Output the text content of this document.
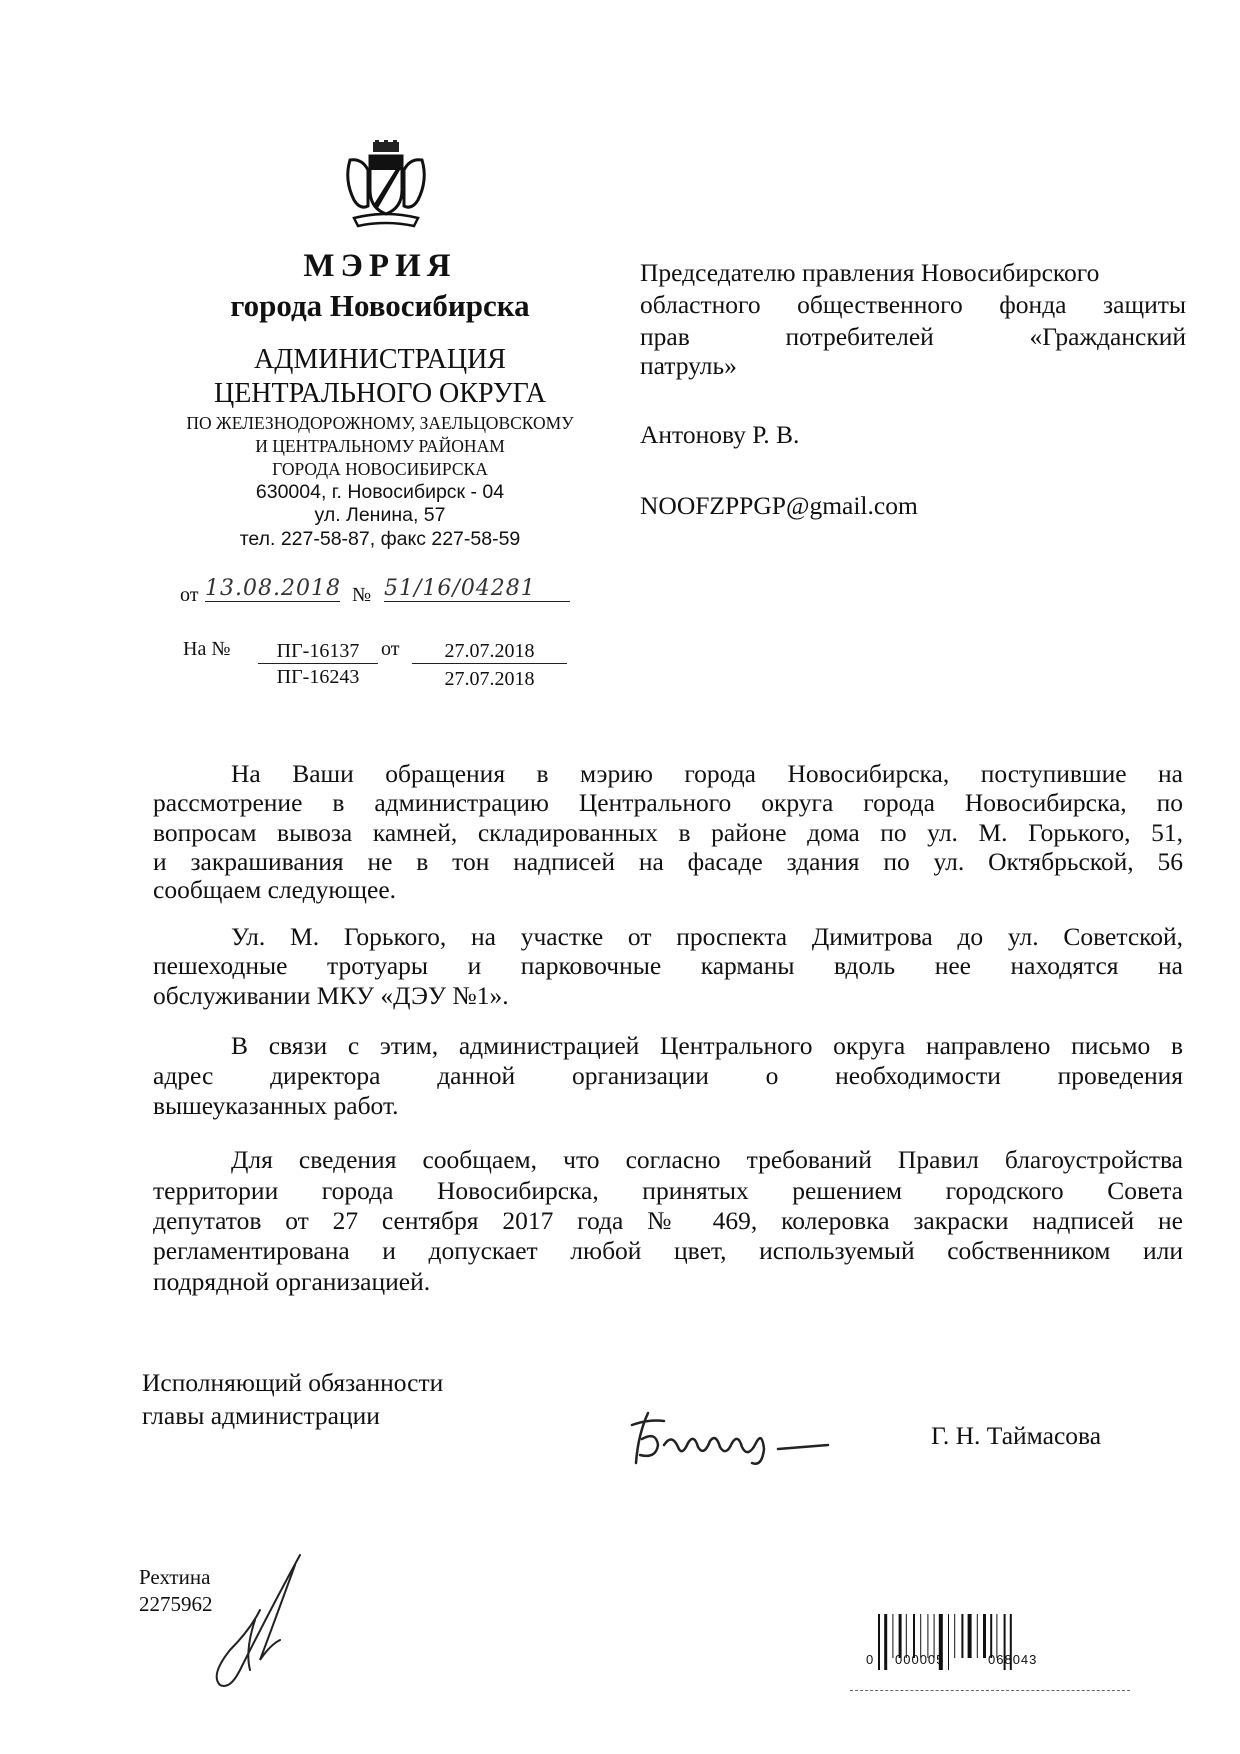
МЭРИЯ
города Новосибирска
АДМИНИСТРАЦИЯ
ЦЕНТРАЛЬНОГО ОКРУГА
ПО ЖЕЛЕЗНОДОРОЖНОМУ, ЗАЕЛЬЦОВСКОМУ
И ЦЕНТРАЛЬНОМУ РАЙОНАМ
ГОРОДА НОВОСИБИРСКА
630004, г. Новосибирск - 04
ул. Ленина, 57
тел. 227-58-87, факс 227-58-59
от 13.08.2018 № 51/16/04281
На №	ПГ-16137	от	27.07.2018
ПГ-16243	27.07.2018
Председателю правления Новосибирского
областного общественного фонда защиты
прав потребителей «Гражданский
патруль»
Антонову Р. В.
NOOFZPPGP@gmail.com
На Ваши обращения в мэрию города Новосибирска, поступившие на
рассмотрение в администрацию Центрального округа города Новосибирска, по
вопросам вывоза камней, складированных в районе дома по ул. М. Горького, 51,
и закрашивания не в тон надписей на фасаде здания по ул. Октябрьской, 56
сообщаем следующее.
Ул. М. Горького, на участке от проспекта Димитрова до ул. Советской,
пешеходные тротуары и парковочные карманы вдоль нее находятся на
обслуживании МКУ «ДЭУ №1».
В связи с этим, администрацией Центрального округа направлено письмо в
адрес директора данной организации о необходимости проведения
вышеуказанных работ.
Для сведения сообщаем, что согласно требований Правил благоустройства
территории города Новосибирска, принятых решением городского Совета
депутатов от 27 сентября 2017 года № 469, колеровка закраски надписей не
регламентирована и допускает любой цвет, используемый собственником или
подрядной организацией.
Исполняющий обязанности
главы администрации
Г. Н. Таймасова
Рехтина
2275962
0 000005	068043
